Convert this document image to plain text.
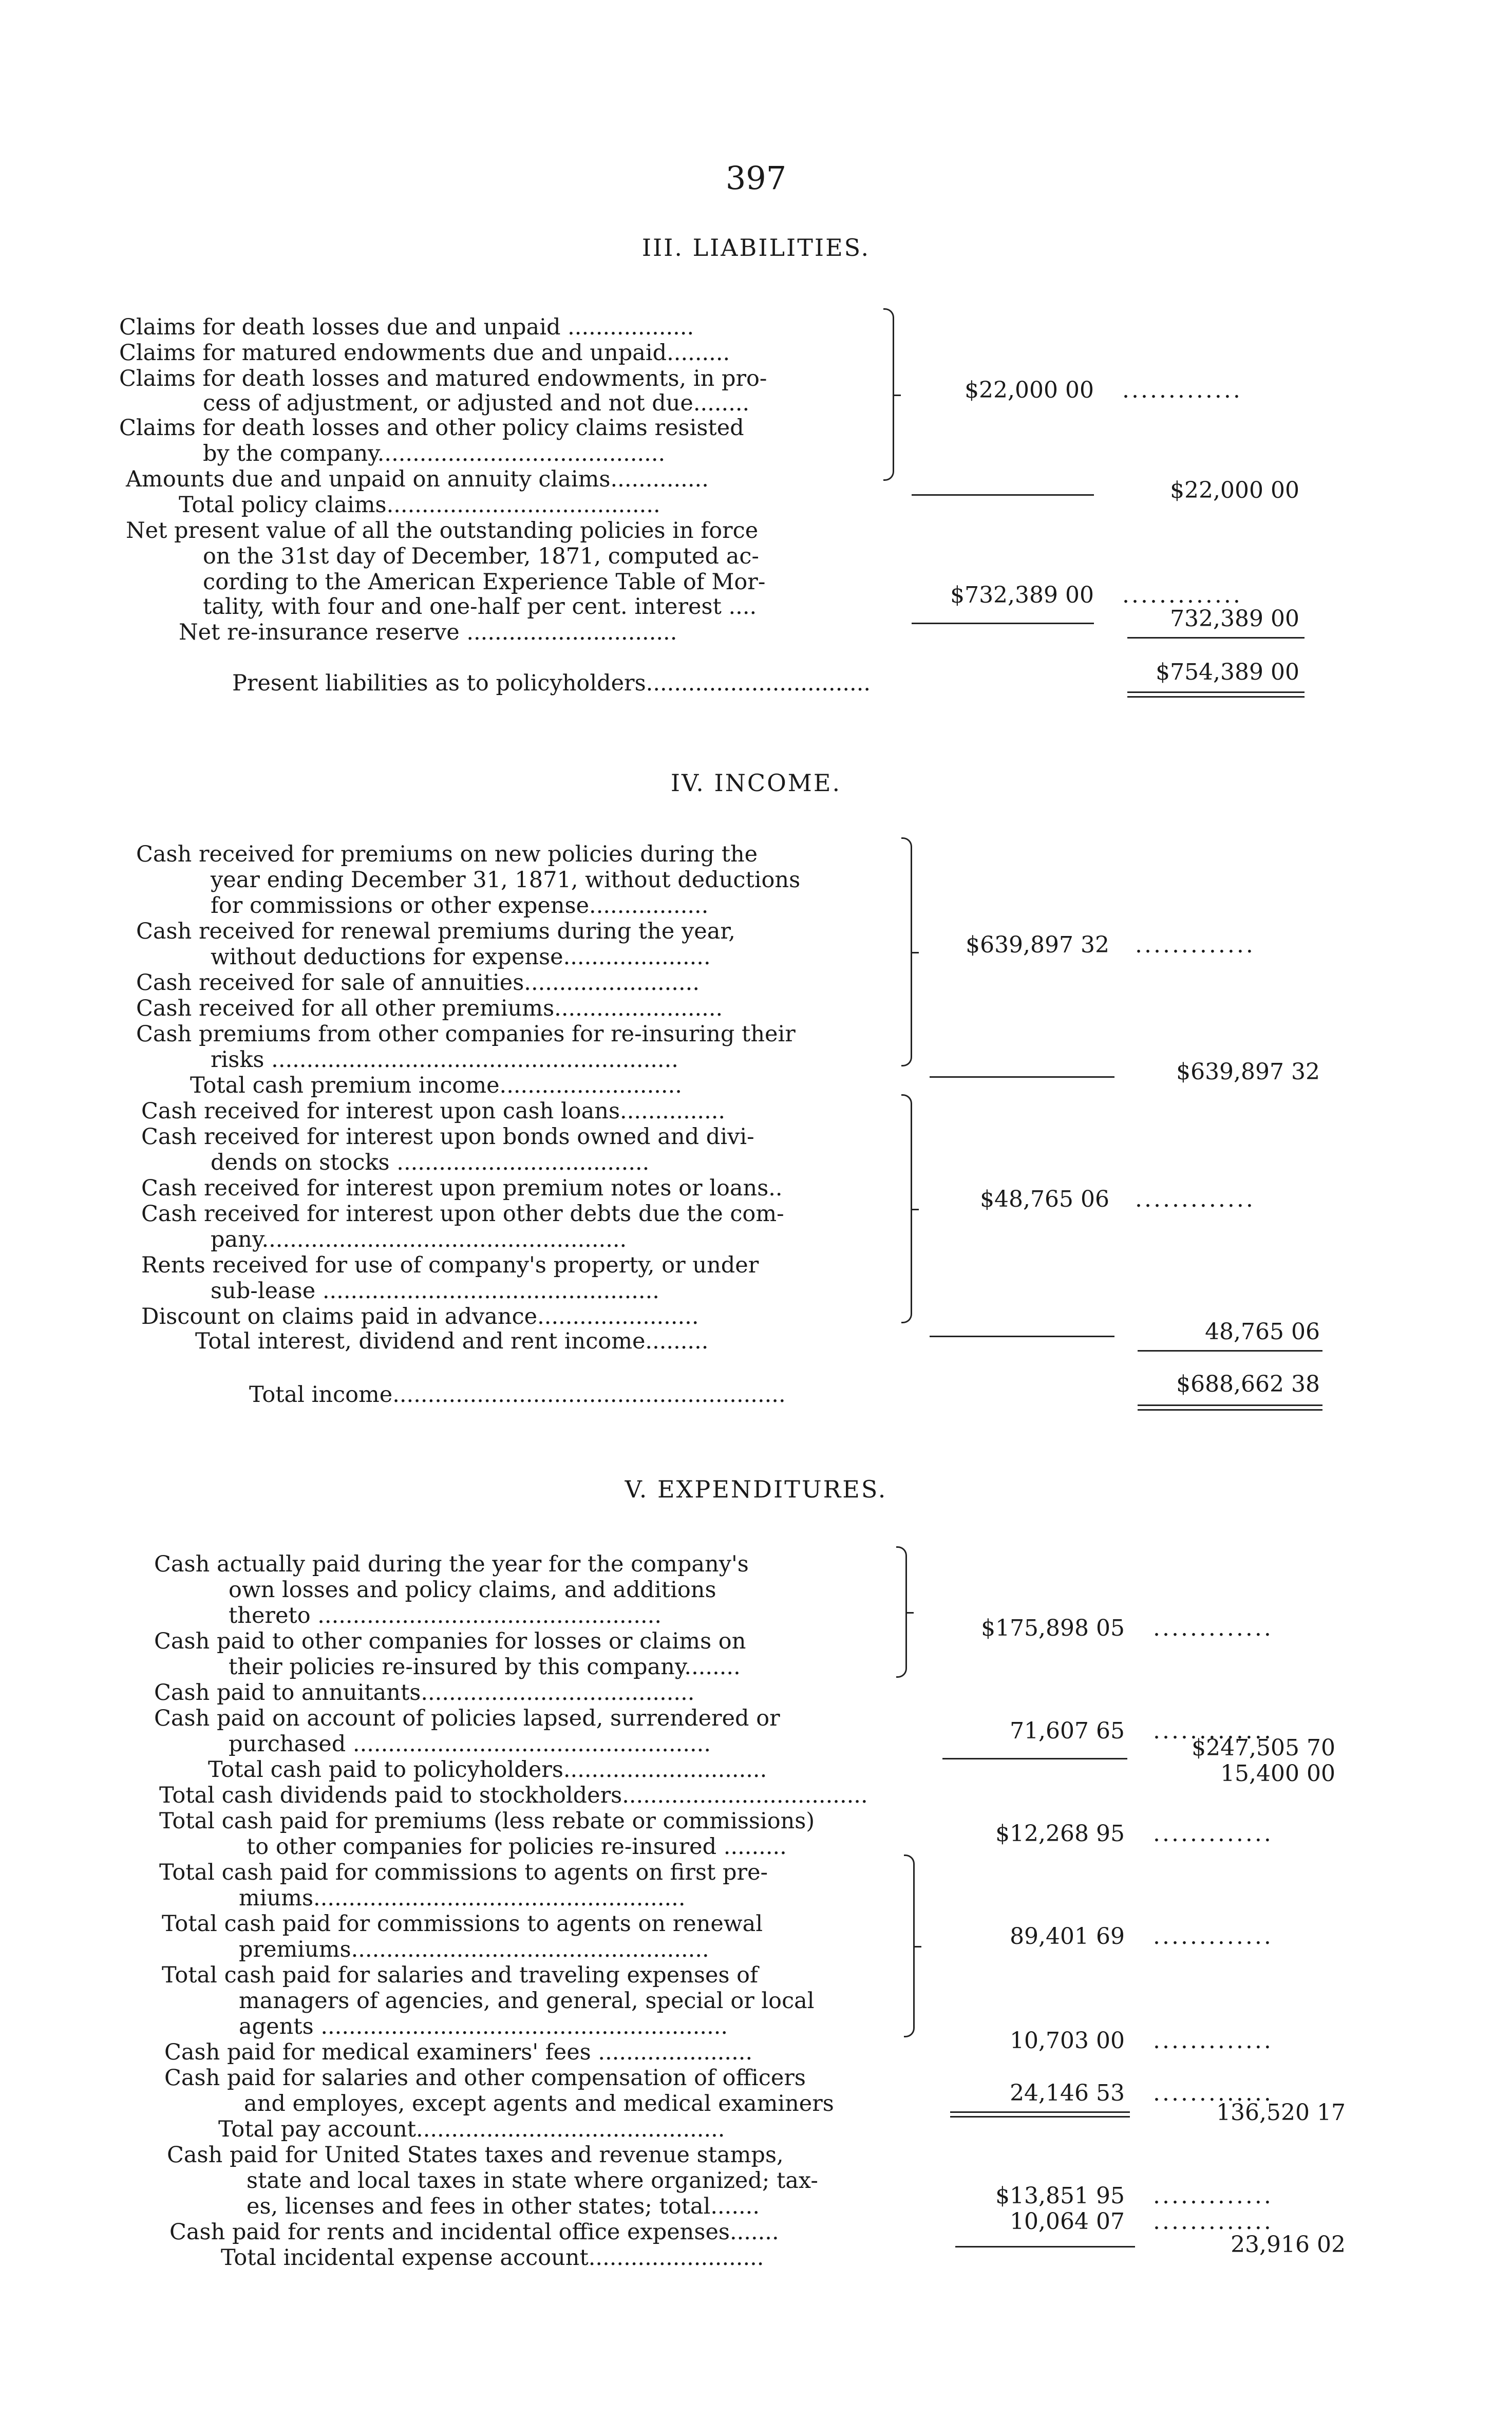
397
III. LIABILITIES.
Claims for death losses due and unpaid ..................
Claims for matured endowments due and unpaid.........
Claims for death losses and matured endowments, in pro-
cess of adjustment, or adjusted and not due........
Claims for death losses and other policy claims resisted
by the company.........................................
Amounts due and unpaid on annuity claims..............
Total policy claims.......................................
Net present value of all the outstanding policies in force
on the 31st day of December, 1871, computed ac-
cording to the American Experience Table of Mor-
tality, with four and one-half per cent. interest ....
Net re-insurance reserve ..............................
Present liabilities as to policyholders................................
$22,000 00 .............
$22,000 00
$732,389 00 .............
732,389 00
$754,389 00
IV. INCOME.
Cash received for premiums on new policies during the
year ending December 31, 1871, without deductions
for commissions or other expense.................
Cash received for renewal premiums during the year,
without deductions for expense.....................
Cash received for sale of annuities.........................
Cash received for all other premiums........................
Cash premiums from other companies for re-insuring their
risks ..........................................................
Total cash premium income..........................
Cash received for interest upon cash loans...............
Cash received for interest upon bonds owned and divi-
dends on stocks ....................................
Cash received for interest upon premium notes or loans..
Cash received for interest upon other debts due the com-
pany....................................................
Rents received for use of company's property, or under
sub-lease ................................................
Discount on claims paid in advance.......................
Total interest, dividend and rent income.........
Total income........................................................
$639,897 32 .............
$639,897 32
$48,765 06 .............
48,765 06
$688,662 38
V. EXPENDITURES.
Cash actually paid during the year for the company's
own losses and policy claims, and additions
thereto .................................................
Cash paid to other companies for losses or claims on
their policies re-insured by this company........
Cash paid to annuitants.......................................
Cash paid on account of policies lapsed, surrendered or
purchased ...................................................
Total cash paid to policyholders.............................
Total cash dividends paid to stockholders...................................
Total cash paid for premiums (less rebate or commissions)
to other companies for policies re-insured .........
Total cash paid for commissions to agents on first pre-
miums.....................................................
Total cash paid for commissions to agents on renewal
premiums...................................................
Total cash paid for salaries and traveling expenses of
managers of agencies, and general, special or local
agents ..........................................................
Cash paid for medical examiners' fees ......................
Cash paid for salaries and other compensation of officers
and employes, except agents and medical examiners
Total pay account............................................
Cash paid for United States taxes and revenue stamps,
state and local taxes in state where organized; tax-
es, licenses and fees in other states; total.......
Cash paid for rents and incidental office expenses.......
Total incidental expense account.........................
$175,898 05 .............
71,607 65 .............
$247,505 70
15,400 00
$12,268 95 .............
89,401 69 .............
10,703 00 .............
24,146 53 .............
136,520 17
$13,851 95 .............
10,064 07 .............
23,916 02
